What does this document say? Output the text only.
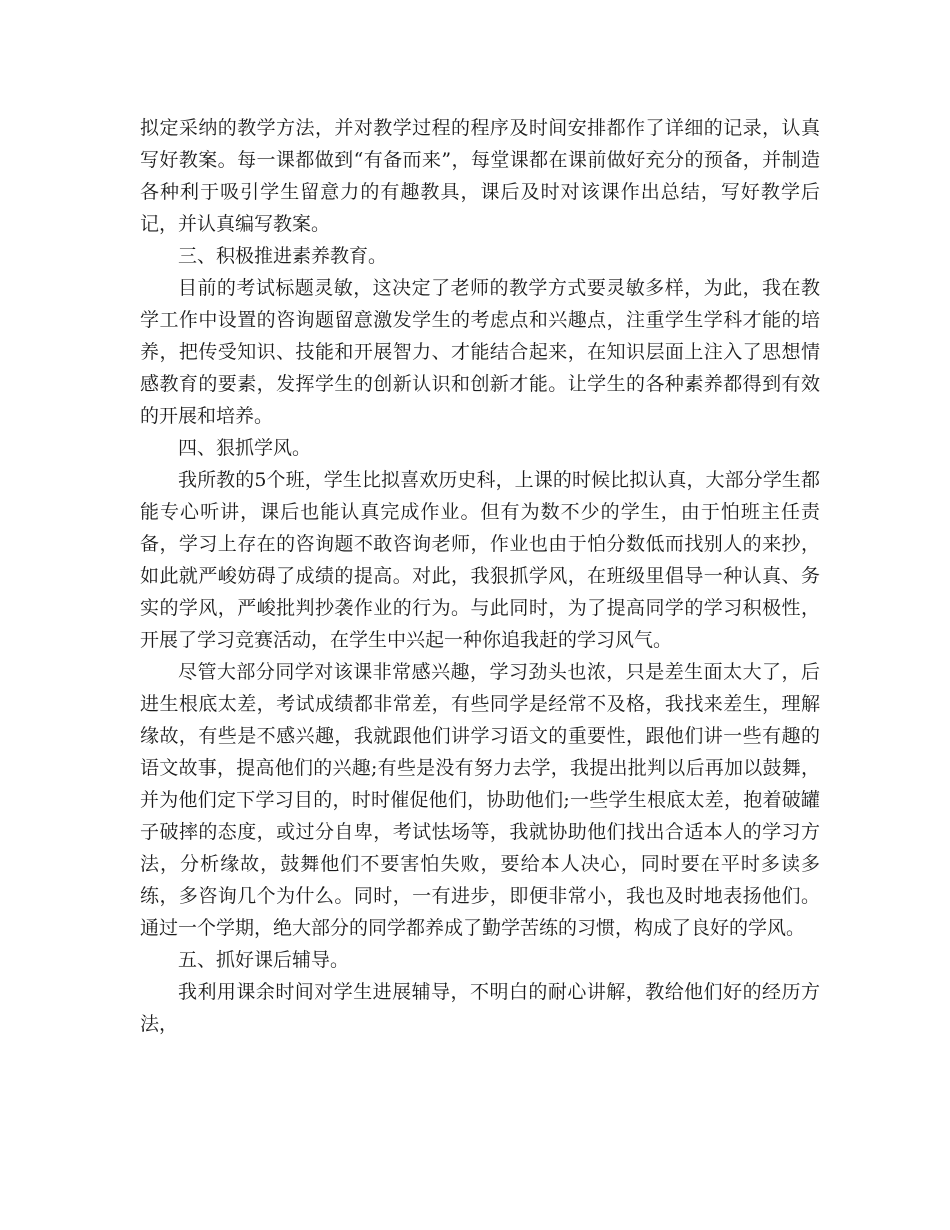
拟定采纳的教学方法，并对教学过程的程序及时间安排都作了详细的记录，认真写好教案。每一课都做到“有备而来”，每堂课都在课前做好充分的预备，并制造各种利于吸引学生留意力的有趣教具，课后及时对该课作出总结，写好教学后记，并认真编写教案。

三、积极推进素养教育。

目前的考试标题灵敏，这决定了老师的教学方式要灵敏多样，为此，我在教学工作中设置的咨询题留意激发学生的考虑点和兴趣点，注重学生学科才能的培养，把传受知识、技能和开展智力、才能结合起来，在知识层面上注入了思想情感教育的要素，发挥学生的创新认识和创新才能。让学生的各种素养都得到有效的开展和培养。

四、狠抓学风。

我所教的5个班，学生比拟喜欢历史科，上课的时候比拟认真，大部分学生都能专心听讲，课后也能认真完成作业。但有为数不少的学生，由于怕班主任责备，学习上存在的咨询题不敢咨询老师，作业也由于怕分数低而找别人的来抄，如此就严峻妨碍了成绩的提高。对此，我狠抓学风，在班级里倡导一种认真、务实的学风，严峻批判抄袭作业的行为。与此同时，为了提高同学的学习积极性，开展了学习竞赛活动，在学生中兴起一种你追我赶的学习风气。

尽管大部分同学对该课非常感兴趣，学习劲头也浓，只是差生面太大了，后进生根底太差，考试成绩都非常差，有些同学是经常不及格，我找来差生，理解缘故，有些是不感兴趣，我就跟他们讲学习语文的重要性，跟他们讲一些有趣的语文故事，提高他们的兴趣;有些是没有努力去学，我提出批判以后再加以鼓舞，并为他们定下学习目的，时时催促他们，协助他们;一些学生根底太差，抱着破罐子破摔的态度，或过分自卑，考试怯场等，我就协助他们找出合适本人的学习方法，分析缘故，鼓舞他们不要害怕失败，要给本人决心，同时要在平时多读多练，多咨询几个为什么。同时，一有进步，即便非常小，我也及时地表扬他们。通过一个学期，绝大部分的同学都养成了勤学苦练的习惯，构成了良好的学风。

五、抓好课后辅导。

我利用课余时间对学生进展辅导，不明白的耐心讲解，教给他们好的经历方法，
